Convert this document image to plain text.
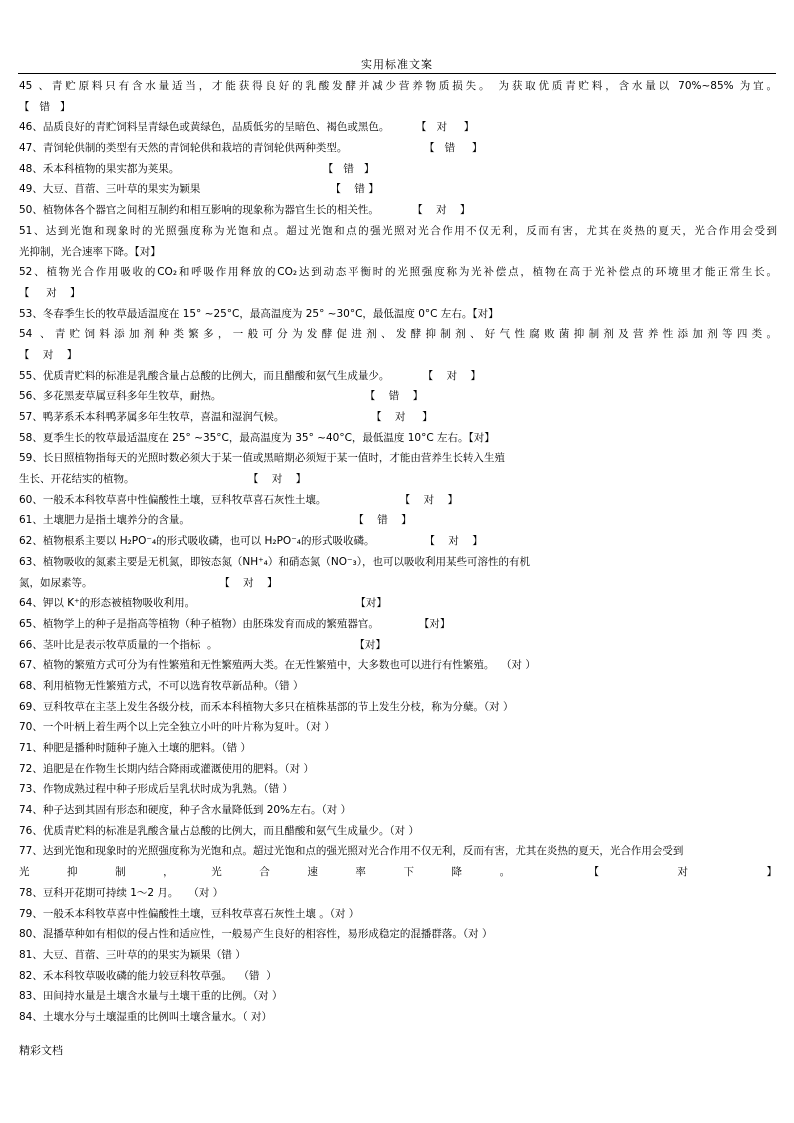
实用标准文案
45 、青贮原料只有含水量适当，才能获得良好的乳酸发酵并减少营养物质损失。 为获取优质青贮料，含水量以 70%~85% 为宜。
【   错   】
46、品质良好的青贮饲料呈青绿色或黄绿色，品质低劣的呈暗色、褐色或黑色。        【   对     】
47、青饲轮供制的类型有天然的青饲轮供和栽培的青饲轮供两种类型。                       【   错     】
48、禾本科植物的果实都为荚果。                                           【   错   】
49、大豆、苜蓿、三叶草的果实为颖果                                       【    错 】
50、植物体各个器官之间相互制约和相互影响的现象称为器官生长的相关性。          【    对    】
51、达到光饱和现象时的光照强度称为光饱和点。超过光饱和点的强光照对光合作用不仅无利，反而有害，尤其在炎热的夏天，光合作用会受到
光抑制，光合速率下降。【对】
52、植物光合作用吸收的CO₂和呼吸作用释放的CO₂达到动态平衡时的光照强度称为光补偿点，植物在高于光补偿点的环境里才能正常生长。
【     对    】
53、冬春季生长的牧草最适温度在 15° ~25°C，最高温度为 25° ~30°C，最低温度 0°C 左右。【对】
54 、青贮饲料添加剂种类繁多，一般可分为发酵促进剂、发酵抑制剂、好气性腐败菌抑制剂及营养性添加剂等四类。
【    对    】
55、优质青贮料的标准是乳酸含量占总酸的比例大，而且醋酸和氨气生成量少。          【    对    】
56、多花黑麦草属豆科多年生牧草，耐热。                                           【    错    】
57、鸭茅系禾本科鸭茅属多年生牧草，喜温和湿润气候。                          【    对     】
58、夏季生长的牧草最适温度在 25° ~35°C，最高温度为 35° ~40°C，最低温度 10°C 左右。【对】
59、长日照植物指每天的光照时数必须大于某一值或黑暗期必须短于某一值时，才能由营养生长转入生殖
生长、开花结实的植物。                                  【    对    】
60、一般禾本科牧草喜中性偏酸性土壤，豆科牧草喜石灰性土壤。                      【    对    】
61、土壤肥力是指土壤养分的含量。                                                 【    错    】
62、植物根系主要以 H₂PO⁻₄的形式吸收磷，也可以 H₂PO⁻₄的形式吸收磷。               【    对    】
63、植物吸收的氮素主要是无机氮，即铵态氮（NH⁺₄）和硝态氮（NO⁻₃），也可以吸收利用某些可溶性的有机
氮，如尿素等。                                      【    对    】
64、钾以 K⁺的形态被植物吸收利用。                                                【对】
65、植物学上的种子是指高等植物（种子植物）由胚珠发育而成的繁殖器官。            【对】
66、茎叶比是表示牧草质量的一个指标  。                                         【对】
67、植物的繁殖方式可分为有性繁殖和无性繁殖两大类。在无性繁殖中，大多数也可以进行有性繁殖。  （对 ）
68、利用植物无性繁殖方式，不可以选育牧草新品种。（错 ）
69、豆科牧草在主茎上发生各级分枝，而禾本科植物大多只在植株基部的节上发生分枝，称为分蘖。（对 ）
70、一个叶柄上着生两个以上完全独立小叶的叶片称为复叶。（对 ）
71、种肥是播种时随种子施入土壤的肥料。（错 ）
72、追肥是在作物生长期内结合降雨或灌溉使用的肥料。（对 ）
73、作物成熟过程中种子形成后呈乳状时成为乳熟。（错 ）
74、种子达到其固有形态和硬度，种子含水量降低到 20%左右。（对 ）
76、优质青贮料的标准是乳酸含量占总酸的比例大，而且醋酸和氨气生成量少。（对 ）
77、达到光饱和现象时的光照强度称为光饱和点。超过光饱和点的强光照对光合作用不仅无利，反而有害，尤其在炎热的夏天，光合作用会受到
光抑制，光合速率下降。 【 对 】
78、豆科开花期可持续 1～2 月。   （对 ）
79、一般禾本科牧草喜中性偏酸性土壤，豆科牧草喜石灰性土壤 。（对 ）
80、混播草种如有相似的侵占性和适应性，一般易产生良好的相容性，易形成稳定的混播群落。（对 ）
81、大豆、苜蓿、三叶草的的果实为颖果（错 ）
82、禾本科牧草吸收磷的能力较豆科牧草强。  （错  ）
83、田间持水量是土壤含水量与土壤干重的比例。（对 ）
84、土壤水分与土壤湿重的比例叫土壤含量水。（ 对）
精彩文档
